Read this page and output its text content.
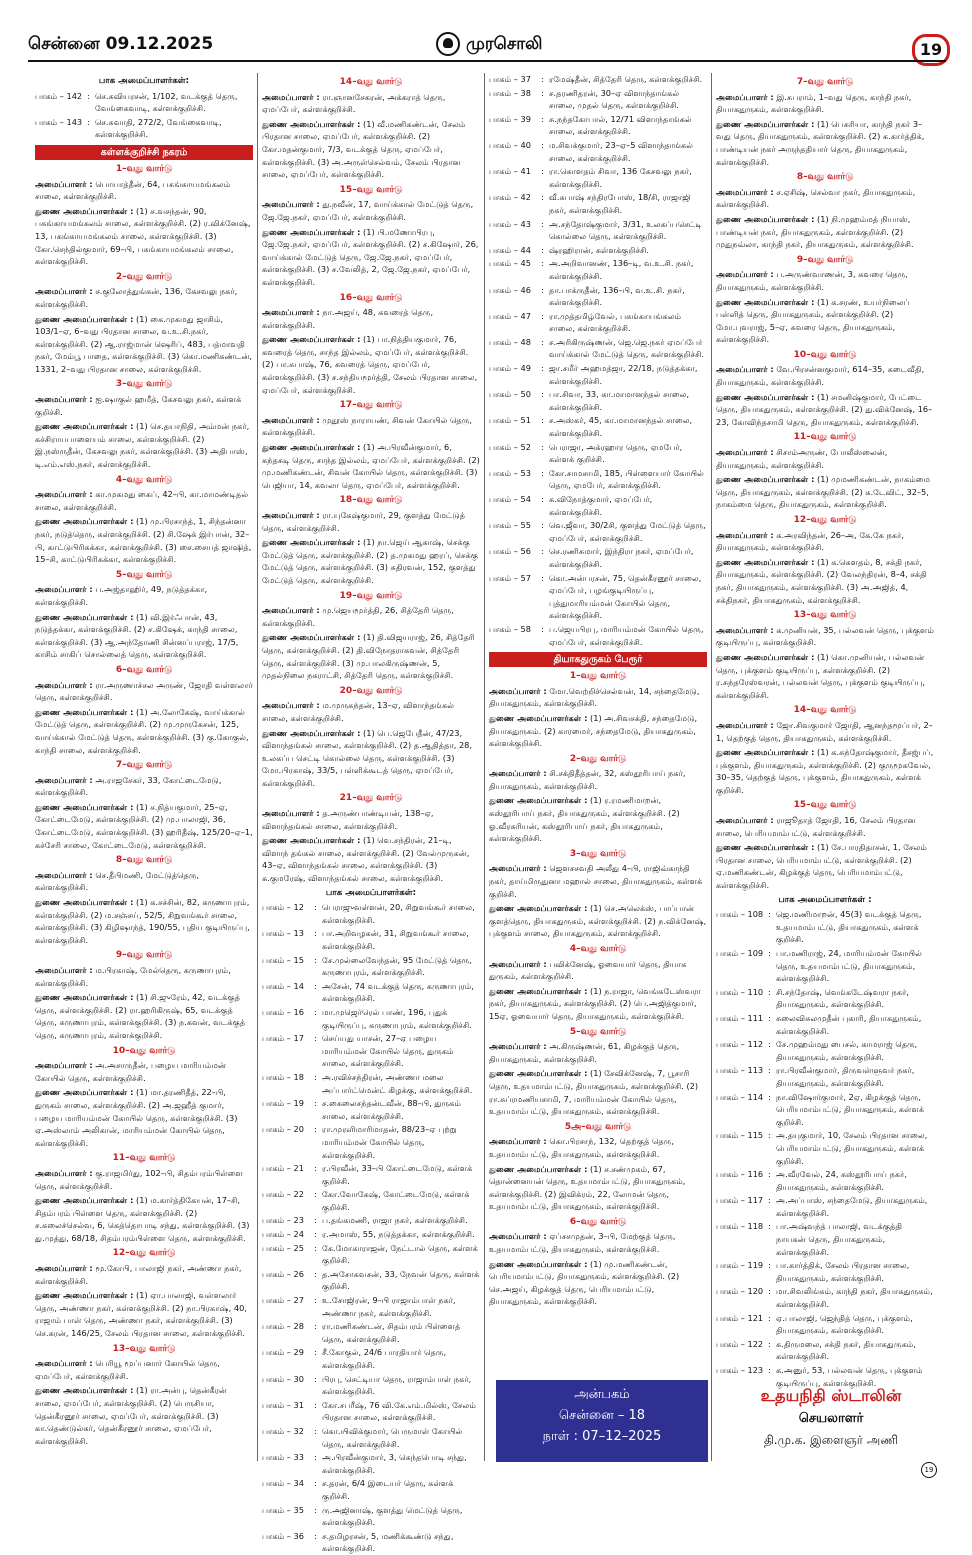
சென்னை 09.12.2025	முரசொலி	19
பாக அமைப்பாளர்கள்:
பாகம் – 142 : செ.கவியரசன், 1/102, வடக்குத் தெரு, வேங்கைவாடி, கள்ளக்குறிச்சி.
பாகம் – 143 : செ.சுவாதி, 272/2, வேங்கைவாடி, கள்ளக்குறிச்சி.
கள்ளக்குறிச்சி நகரம்
1–வது வார்டு
அமைப்பாளர் : பொயாத்தீன், 64, பசுங்காயமங்கலம் சாலை, கள்ளக்குறிச்சி.
துணை அமைப்பாளர்கள் : (1) ச.வசந்தன், 90, பசுங்காயமங்கலம் சாலை, கள்ளக்குறிச்சி. (2) ர.விக்னேஷ், 13, பசுங்காயமங்கலம் சாலை, கள்ளக்குறிச்சி. (3) கோ.செந்தில்குமார், 69–பி, பசுங்காயமங்கலம் சாலை, கள்ளக்குறிச்சி.
2–வது வார்டு
அமைப்பாளர் : ச.குலோத்துங்கன், 136, கேசவலு நகர், கள்ளக்குறிச்சி.
துணை அமைப்பாளர்கள் : (1) கை.முகமது ஜாசிம், 103/1–ஏ, 6–வது பிரதான சாலை, வ.உ.சி.நகர், கள்ளக்குறிச்சி. (2) ஆ.ராஜ்மான் ஷெரிப், 483, பத்மாவதி நகர், மேம்பூ பாதை, கள்ளக்குறிச்சி. (3) கொ.மணிகண்டன், 1331, 2–வது பிரதான சாலை, கள்ளக்குறிச்சி.
3–வது வார்டு
அமைப்பாளர் : ஐ.ஷாகுல் ஹமீத், கேசவலு நகர், கள்ளக் குறிச்சி.
துணை அமைப்பாளர்கள் : (1) செ.தயாநிதி, அம்மன் நகர், கச்சிராயபாளையம் சாலை, கள்ளக்குறிச்சி. (2) இ.நஸ்ருதீன், கேசவலு நகர், கள்ளக்குறிச்சி. (3) அதிபாஸ், டி.எம்.எஸ்.நகர், கள்ளக்குறிச்சி.
4–வது வார்டு
அமைப்பாளர் : கா.முகமது கைப், 42–பி, கா.மாமண்டிதல் சாலை, கள்ளக்குறிச்சி.
துணை அமைப்பாளர்கள் : (1) மு.பிரசாந்த், 1, சிந்தன்னா நகர், நடுத்தெரு, கள்ளக்குறிச்சி. (2) சி.ஷேக் இர்பான், 32–பி, காட்டுபிரிகக்கா, கள்ளக்குறிச்சி. (3) சை.சையத் ஜாஷித், 15–சி, காட்டுபிரிகக்கா, கள்ளக்குறிச்சி.
5–வது வார்டு
அமைப்பாளர் : ப.அஜ்தாஹிர், 49, நடுத்தக்கா, கள்ளக்குறிச்சி.
துணை அமைப்பாளர்கள் : (1) வி.இர்ஃபான், 43, நடுத்தக்கா, கள்ளக்குறிச்சி. (2) ச.கிஷேக், காந்தி சாலை, கள்ளக்குறிச்சி. (3) ஆ.அந்தோணி சின்னப்பராஜ், 17/5, காசிம் சாகிப் சொல்லைத் தெரு, கள்ளக்குறிச்சி.
6–வது வார்டு
அமைப்பாளர் : ரா.அருணாச்சல அருண், ஜோதி வள்ளலார் தெரு, கள்ளக்குறிச்சி.
துணை அமைப்பாளர்கள் : (1) அ.லோகேஷ், வாய்க்கால் மேட்டுத் தெரு, கள்ளக்குறிச்சி. (2) மு.முருகேசன், 125, வாய்க்கால் மேட்டுத் தெரு, கள்ளக்குறிச்சி. (3) கு.கோகுல், காந்தி சாலை, கள்ளக்குறிச்சி.
7–வது வார்டு
அமைப்பாளர் : அ.ராஜசேகர், 33, கோட்டைமேடு, கள்ளக்குறிச்சி.
துணை அமைப்பாளர்கள் : (1) ச.நித்யகுமார், 25–ஏ, கோட்டைமேடு, கள்ளக்குறிச்சி. (2) மு.பாலாஜி, 36, கோட்டைமேடு, கள்ளக்குறிச்சி. (3) ஹரிதீஷ், 125/20–ஏ–1, கச்சேரி சாலை, கோட்டைமேடு, கள்ளக்குறிச்சி.
8–வது வார்டு
அமைப்பாளர் : செ.தீபிமணி, மேட்டுத்தெரு, கள்ளக்குறிச்சி.
துணை அமைப்பாளர்கள் : (1) க.சச்சின், 82, கருணாபுரம், கள்ளக்குறிச்சி. (2) ம.சஞ்சய், 52/5, சிறுவங்கூர் சாலை, கள்ளக்குறிச்சி. (3) கிழிஷாந்த், 190/55, புதிய குடியிருப்பு, கள்ளக்குறிச்சி.
9–வது வார்டு
அமைப்பாளர் : ம.பிரகாஷ், மேல்தெரு, கருணாபுரம், கள்ளக்குறிச்சி.
துணை அமைப்பாளர்கள் : (1) சி.ஜுரேம், 42, வடக்குத் தெரு, கள்ளக்குறிச்சி. (2) ரா.ஹரிகிருஷ், 65, வடக்குத் தெரு, கருணாபுரம், கள்ளக்குறிச்சி. (3) ந.கவன், வடக்குத் தெரு, கருணாபுரம், கள்ளக்குறிச்சி.
10–வது வார்டு
அமைப்பாளர் : அ.அசாருதீன், பழைய மாரியம்மன் கோயில் தெரு, கள்ளக்குறிச்சி.
துணை அமைப்பாளர்கள் : (1) மா.தரணிதீத், 22–பி, துருகம் சாலை, கள்ளக்குறிச்சி. (2) அ.ஜஹீத் குமார், பழைய மாரியம்மன் கோயில் தெரு, கள்ளக்குறிச்சி. (3) ஏ.அஸ்லாம் அலிகான், மாரியம்மன் கோயில் தெரு, கள்ளக்குறிச்சி.
11–வது வார்டு
அமைப்பாளர் : கு.ராஜமிர்து, 102–பி, சிதம்பரம்பிள்ளை தெரு, கள்ளக்குறிச்சி.
துணை அமைப்பாளர்கள் : (1) ம.கார்த்திகேயன், 17–சி, சிதம்பரம் பிள்ளை தெரு, கள்ளக்குறிச்சி. (2) ச.கலைச்செல்வ, 6, கெத்தொபாடி சந்து, கள்ளக்குறிச்சி. (3) து.முத்து, 68/18, சிதம்பரம்பிள்ளை தெரு, கள்ளக்குறிச்சி.
12–வது வார்டு
அமைப்பாளர் : மூ.கோபி, பாலாஜி நகர், அண்ணா நகர், கள்ளக்குறிச்சி.
துணை அமைப்பாளர்கள் : (1) ஏா.பாலாஜி, வள்ளலார் தெரு, அண்ணா நகர், கள்ளக்குறிச்சி. (2) நா.பிரகாஷ், 40, ராஜாம் பாள் தெரு, அண்ணா நகர், கள்ளக்குறிச்சி. (3) செ.கரன், 146/25, சேலம் பிரதான சாலை, கள்ளக்குறிச்சி.
13–வது வார்டு
அமைப்பாளர் : பெரியூ மூப்பனார் கோயில் தெரு, ஏமப்பேர், கள்ளக்குறிச்சி.
துணை அமைப்பாளர்கள் : (1) ரா.அன்பு, தென்கீரன் சாலை, ஏமப்பேர், கள்ளக்குறிச்சி. (2) பெருசியா, தென்கீரனூர் சாலை, ஏமப்பேர், கள்ளக்குறிச்சி. (3) கா.தெண்டுல்கர், தென்கீரனூர் சாலை, ஏமப்பேர், கள்ளக்குறிச்சி.
14–வது வார்டு
அமைப்பாளர் : ரா.ஞானசேகரன், அக்கராத் தெரு, ஏமப்பேர், கள்ளக்குறிச்சி.
துணை அமைப்பாளர்கள் : (1) வீ.மணிகண்டன், சேலம் பிரதான சாலை, ஏமப்பேர், கள்ளக்குறிச்சி. (2) கோ.மதன்குமார், 7/3, வடக்குத் தெரு, ஏமப்பேர், கள்ளக்குறிச்சி. (3) அ.அருள்செல்வம், சேலம் பிரதான சாலை, ஏமப்பேர், கள்ளக்குறிச்சி.
15–வது வார்டு
அமைப்பாளர் : து.நவீன், 17, வாய்க்கால் மேட்டுத் தெரு, ஜே.ஜே.நகர், ஏமப்பேர், கள்ளக்குறிச்சி.
துணை அமைப்பாளர்கள் : (1) பி.மணோபிரபு, ஜே.ஜே.நகர், ஏமப்பேர், கள்ளக்குறிச்சி. (2) ச.கிஷோர், 26, வாய்க்கால் மேட்டுத் தெரு, ஜே.ஜே.நகர், ஏமப்பேர், கள்ளக்குறிச்சி. (3) ச.வேலித், 2, ஜே.ஜே.நகர், ஏமப்பேர், கள்ளக்குறிச்சி.
16–வது வார்டு
அமைப்பாளர் : நா.அஜய், 48, கவரைத் தெரு, கள்ளக்குறிச்சி.
துணை அமைப்பாளர்கள் : (1) பா.நித்தியகுமார், 76, கவரைத் தெரு, சாந்த இல்லம், ஏமப்பேர், கள்ளக்குறிச்சி. (2) பா.சுபாஷ், 76, கவரைத் தெரு, ஏமப்பேர், கள்ளக்குறிச்சி. (3) ச.சந்தியமூர்த்தி, சேலம் பிரதான சாலை, ஏமப்பேர், கள்ளக்குறிச்சி.
17–வது வார்டு
அமைப்பாளர் : முதூஸ் நாராயண், சிவன் கோயில் தெரு, கள்ளக்குறிச்சி.
துணை அமைப்பாளர்கள் : (1) அ.பிரவீன்குமார், 6, கந்தசுடி தெரு, சாந்த இல்லம், ஏமப்பேர், கள்ளக்குறிச்சி. (2) மு.மணிகண்டன், சிவன் கோயில் தெரு, கள்ளக்குறிச்சி. (3) பெஜியா, 14, கவலா தெரு, ஏமப்பேர், கள்ளக்குறிச்சி.
18–வது வார்டு
அமைப்பாளர் : ரா.யுகேஷ்குமார், 29, குளத்து மேட்டுத் தெரு, கள்ளக்குறிச்சி.
துணை அமைப்பாளர்கள் : (1) நா.ஜெய் ஆகாஷ், செக்கு மேட்டுத் தெரு, கள்ளக்குறிச்சி. (2) த.முகமது ஹரப், செக்கு மேட்டுத் தெரு, கள்ளக்குறிச்சி. (3) சுதிரவன், 152, குளத்து மேட்டுத் தெரு, கள்ளக்குறிச்சி.
19–வது வார்டு
அமைப்பாளர் : மு.ஜெயமூர்த்தி, 26, சித்தேரி தெரு, கள்ளக்குறிச்சி.
துணை அமைப்பாளர்கள் : (1) தி.விஜயராஜ், 26, சித்தேரி தெரு, கள்ளக்குறிச்சி. (2) தி.விநோதராகவன், சித்தேரி தெரு, கள்ளக்குறிச்சி. (3) மு.பாலகிருஷ்ணன், 5, முதல்நிலை நகராட்சி, சித்தேரி தெரு, கள்ளக்குறிச்சி.
20–வது வார்டு
அமைப்பாளர் : ம.முருகந்தன், 13–ஏ, விளாந்தங்கல் சாலை, கள்ளக்குறிச்சி.
துணை அமைப்பாளர்கள் : (1) பெ.ஜெபேதீன், 47/23, விளாந்தங்கல் சாலை, கள்ளக்குறிச்சி. (2) த.ஆதித்தா, 28, உலகப்ப செட்டி கொல்லை தெரு, கள்ளக்குறிச்சி. (3) மோ.பிரகாஷ், 33/5, பள்ளிக்கூடத் தெரு, ஏமப்பேர், கள்ளக்குறிச்சி.
21–வது வார்டு
அமைப்பாளர் : த.அருண்பாண்டியன், 138–ஏ, விளாந்தங்கல் சாலை, கள்ளக்குறிச்சி.
துணை அமைப்பாளர்கள் : (1) வெ.சந்திரன், 21–டி, விளாந் தங்கல் சாலை, கள்ளக்குறிச்சி. (2) வேல்முருகன், 43–ஏ, விளாந்தங்கல் சாலை, கள்ளக்குறிச்சி. (3) க.குமரேஷ், விளாந்தங்கல் சாலை, கள்ளக்குறிச்சி.
பாக அமைப்பாளர்கள்:
பாகம் – 12	: பெராஜுவள்ளன், 20, சிறுவங்கூர் சாலை, கள்ளக்குறிச்சி.
பாகம் – 13	: பா.அறிவழகன், 31, சிறுவங்கூர் சாலை, கள்ளக்குறிச்சி.
பாகம் – 15	: சே.முல்லைவேந்தன், 95 மேட்டுத் தெரு, கருணாபுரம், கள்ளக்குறிச்சி.
பாகம் – 14	: அசேன், 74 வடக்குத் தெரு, கருணாபுரம், கள்ளக்குறிச்சி.
பாகம் – 16	: மா.முஜெர்ரெல் பாண், 196, புதுக் குடியிருப்பு, கருணாபுரம், கள்ளக்குறிச்சி.
பாகம் – 17	: செய்யது யாசன், 27–ஏ பழைய மாரியம்மன் கோயில் தெரு, துருகம் சாலை, கள்ளக்குறிச்சி.
பாகம் – 18	: அ.ரவிச்சந்திரன், அண்ணா மலை அப்பார்ட்மென்ட் கிழக்கு, கள்ளக்குறிச்சி.
பாகம் – 19	: ச.கைலைசந்தன்டவீன், 88–பி, துருகம் சாலை, கள்ளக்குறிச்சி.
பாகம் – 20	: ரா.முரளிமாரிமாதன், 88/23–ஏ புற்று மாரியம்மன் கோயில் தெரு, கள்ளக்குறிச்சி.
பாகம் – 21	: ர.பிரவீன், 33–பி கோட்டைமேடு, கள்ளக் குறிச்சி.
பாகம் – 22	: கோ.வோகேஷ், கோட்டைமேடு, கள்ளக் குறிச்சி.
பாகம் – 23	: ப.தங்கமணி, ராஜா நகர், கள்ளக்குறிச்சி.
பாகம் – 24	: ர.அமாஸ், 55, நடுத்தக்கா, கள்ளக்குறிச்சி.
பாகம் – 25	: கே.மோகாராஜன், நேட்டால் தெரு, கள்ளக் குறிச்சி.
பாகம் – 26	: த.அசோகவசன், 33, நேவன் தெரு, கள்ளக் குறிச்சி.
பாகம் – 27	: உ.சோஜிரன், 9–பி ராஜாம்பாள் நகர், அண்ணா நகர், கள்ளக்குறிச்சி.
பாகம் – 28	: ரா.மணிகண்டன், சிதம்பரம் பிள்ளைத் தெரு, கள்ளக்குறிச்சி.
பாகம் – 29	: சீ.கோகுல், 24/6 பாரதியார் தெரு, கள்ளக்குறிச்சி.
பாகம் – 30	: பிரபு, செட்டியா தெரு, ராஜாம்பாள் நகர், கள்ளக்குறிச்சி.
பாகம் – 31	: கோ.சபரீஷ், 76 வி.கே.எம்.மில்ஸ், சேலம் பிரதான சாலை, கள்ளக்குறிச்சி.
பாகம் – 32	: கொ.யிவிக்குமார், பெருமாள் கோயில் தெரு, கள்ளக்குறிச்சி.
பாகம் – 33	: அ.பிரவீன்குமார், 3, கெந்தபொடி சந்து, கள்ளக்குறிச்சி.
பாகம் – 34	: ச.தரன், 6/4 இடையர் தெரு, கள்ளக் குறிச்சி.
பாகம் – 35	: ரு.அஜினாஷ், குளத்து மெட்டுத் தெரு, கள்ளக்குறிச்சி.
பாகம் – 36	: ச.தமிழரசன், 5, மணிக்கூண்டு சந்து, கள்ளக்குறிச்சி.
பாகம் – 37	: ரமேஷ்தீன், சித்தேரி தெரு, கள்ளக்குறிச்சி.
பாகம் – 38	: ச.தரணிதரன், 30–ஏ விளாந்தாங்கல் சாலை, முதல் தெரு, கள்ளக்குறிச்சி.
பாகம் – 39	: சு.நந்தகோபால், 12/71 விளாந்தாங்கல் சாலை, கள்ளக்குறிச்சி.
பாகம் – 40	: ம.சிவக்குமார், 23–ஏ–5 விளாந்தாங்கல் சாலை, கள்ளக்குறிச்சி.
பாகம் – 41	: ரா.கொளதம் சிவா, 136 கேசவலு நகர், கள்ளக்குறிச்சி.
பாகம் – 42	: வீ.சுபாஷ் சந்திரபோஸ், 18/சி, ராஜாஜி நகர், கள்ளக்குறிச்சி.
பாகம் – 43	: அ.சந்தோஷ்குமார், 3/31, உலகப்பசெட்டி கொல்லை தெரு, கள்ளக்குறிச்சி.
பாகம் – 44	: ஷ்ரஹிரான், கள்ளக்குறிச்சி.
பாகம் – 45	: அ.அறிவானண், 136–டி, வ.உ.சி. நகர், கள்ளக்குறிச்சி.
பாகம் – 46	: தா.பாக்ருதீன், 136–பி, வ.உ.சி. நகர், கள்ளக்குறிச்சி.
பாகம் – 47	: ரா.முத்தமிழ்வேல், பசுங்காயங்கலம் சாலை, கள்ளக்குறிச்சி.
பாகம் – 48	: ச.அரிகிருஷ்ணன், ஜெ.ஜெ.நகர் ஏமப்பேர் வாய்க்கால் மேட்டுத் தெரு, கள்ளக்குறிச்சி.
பாகம் – 49	: ஜா.சமீர் அஹமத்ஜா, 22/18, நடுத்தக்கா, கள்ளக்குறிச்சி.
பாகம் – 50	: பா.சிவா, 33, கா.மாமானந்தல் சாலை, கள்ளக்குறிச்சி.
பாகம் – 51	: ச.அஸ்கர், 45, கா.மாமானந்தல் சாலை, கள்ளக்குறிச்சி.
பாகம் – 52	: பெராஜா, அக்ரஹார தெரு, ஏமபேர், கள்ளக் குறிச்சி.
பாகம் – 53	: கோ.சாமசாமி, 185, பிள்ளையார் கோயில் தெரு, ஏமபேர், கள்ளக்குறிச்சி.
பாகம் – 54	: க.விநோத்குமார், ஏமப்பேர், கள்ளக்குறிச்சி.
பாகம் – 55	: வெ.ஜீவா, 30/2சி, குளத்து மேட்டுத் தெரு, ஏமப்பேர், கள்ளக்குறிச்சி.
பாகம் – 56	: செ.ரணிசுமார், இந்திரா நகர், ஏமப்பேர், கள்ளக்குறிச்சி.
பாகம் – 57	: கொ.அன்பரசன், 75, தென்கீரனூர் சாலை, ஏமப்பேர், பழங்குடியிருப்பு, புத்துமாரியம்மன் கோயில் தெரு, கள்ளக்குறிச்சி.
பாகம் – 58	: ப.ஜெயபிரபு, மாரியம்மன் கோயில் தெரு, ஏமப்பேர், கள்ளக்குறிச்சி.
தியாகதுருகம் பேரூர்
1–வது வார்டு
அமைப்பாளர் : மோ.வெற்றிச்செல்வன், 14, சந்தைமேடு, தியாகதுருகம், கள்ளக்குறிச்சி.
துணை அமைப்பாளர்கள் : (1) அ.சிவசக்தி, சந்தைமேடு, தியாகதுருகம். (2) காரமைர், சந்தைமேடு, தியாகதுருகம், கள்ளக்குறிச்சி.
2–வது வார்டு
அமைப்பாளர் : சி.சக்திதீத்தன், 32, கஸ்தூரிபாய் நகர், தியாகதுருகம், கள்ளக்குறிச்சி.
துணை அமைப்பாளர்கள் : (1) ர.ரமணிமாறன், கஸ்தூரிபாய் நகர், தியாகதுருகம், கள்ளக்குறிச்சி. (2) ஓ.வீரசுரியன், கஸ்தூரிபாய் நகர், தியாகதுருகம், கள்ளக்குறிச்சி.
3–வது வார்டு
அமைப்பாளர் : ஜெளசசவதி அலீது 4–பி, ராஜிவ்காந்தி நகர், தாய்மிருதுனா மஹால் சாலை, தியாகதுருகம், கள்ளக் குறிச்சி.
துணை அமைப்பாளர்கள் : (1) செ.அலெக்ஸ், பாப்பான் குளத்தெரு, தியாகதுருகம், கள்ளக்குறிச்சி. (2) ந.விக்னேஷ், புக்குளம் சாலை, தியாகதுருகம், கள்ளக்குறிச்சி.
4–வது வார்டு
அமைப்பாளர் : பவிக்னேஷ், ஓவையார் தெரு, தியாக துருகம், கள்ளக்குறிச்சி.
துணை அமைப்பாளர்கள் : (1) ந.ராஜா, வெங்கடேஸ்வரா நகர், தியாகதுருகம், கள்ளக்குறிச்சி. (2) பெ.அஜித்குமார், 15ஏ, ஓவையார் தெரு, தியாகதுருகம், கள்ளக்குறிச்சி.
5–வது வார்டு
அமைப்பாளர் : அ.கிருஷ்ணன், 61, கிழக்குத் தெரு, தியாகதுருகம், கள்ளக்குறிச்சி.
துணை அமைப்பாளர்கள் : (1) சேவிக்னேஷ், 7, பூசாரி தெரு, உதயமாம்பட்டு, தியாகதுருகம், கள்ளக்குறிச்சி. (2) ரா.சுப்ரமணியசாமி, 7, மாரியம்மன் கோயில் தெரு, உதயமாம்பட்டு, தியாகதுருகம், கள்ளக்குறிச்சி.
5அ–வது வார்டு
அமைப்பாளர் : கொ.பிரசாந், 132, தெற்குத் தெரு, உதயமாம்பட்டு, தியாகதுருகம், கள்ளக்குறிச்சி.
துணை அமைப்பாளர்கள் : (1) ச.சண்முகம், 67, தொன்னையன் தெரு, உதயமாம்பட்டு, தியாகதுருகம், கள்ளக்குறிச்சி. (2) இவிக்ரம், 22, லோமன் தெரு, உதயமாம்பட்டு, தியாகதுருகம், கள்ளக்குறிச்சி.
6–வது வார்டு
அமைப்பாளர் : ஏப்சசமுதன், 3–பி, மேற்குத் தெரு, உதயமாம்பட்டு, தியாகதுருகம், கள்ளக்குறிச்சி.
துணை அமைப்பாளர்கள் : (1) மு.மணிகண்டன், பெரியமாம்பட்டு, தியாகதுருகம், கள்ளக்குறிச்சி. (2) செ.அஜய், கிழக்குத் தெரு, பெரியமாம்பட்டு, தியாகதுருகம், கள்ளக்குறிச்சி.
7–வது வார்டு
அமைப்பாளர் : இ.சுபராம், 1–வது தெரு, காந்தி நகர், தியாகதுருகம், கள்ளக்குறிச்சி.
துணை அமைப்பாளர்கள் : (1) பெசுரியா, காந்தி நகர் 3–வது தெரு, தியாகதுருகம், கள்ளக்குறிச்சி. (2) க.கார்த்திக், பாண்டியன் நகர் அருந்ததியார் தெரு, தியாகதுருகம், கள்ளக்குறிச்சி.
8–வது வார்டு
அமைப்பாளர் : ச.ஏசிஷ், செல்வா நகர், தியாகதுருகம், கள்ளக்குறிச்சி.
துணை அமைப்பாளர்கள் : (1) நி.முஹம்மத் நியாஸ், பாண்டியன் நகர், தியாகதுருகம், கள்ளக்குறிச்சி. (2) முதுநவ்லா, காந்தி நகர், தியாகதுருகம், கள்ளக்குறிச்சி.
9–வது வார்டு
அமைப்பாளர் : ப.அருண்வாணன், 3, சுவரை தெரு, தியாகதுருகம், கள்ளக்குறிச்சி.
துணை அமைப்பாளர்கள் : (1) க.சரண், உயர்நிலைப் பள்ளித் தெரு, தியாகதுருகம், கள்ளக்குறிச்சி. (2) மோ.புவராஜ், 5–ஏ, சுவரை தெரு, தியாகதுருகம், கள்ளக்குறிச்சி.
10–வது வார்டு
அமைப்பாளர் : வே.பிரசன்னகுமார், 614–35, கடைவீதி, தியாகதுருகம், கள்ளக்குறிச்சி.
துணை அமைப்பாளர்கள் : (1) சமனிஷ்குமார், பேட்டை தெரு, தியாகதுருகம், கள்ளக்குறிச்சி. (2) து.விக்னேஷ், 16–23, கோவிந்தசாமி தெரு, தியாகதுருகம், கள்ளக்குறிச்சி.
11–வது வார்டு
அமைப்பாளர் : சிசாம்அருண், போலீஸ்லைன், தியாகதுருகம், கள்ளக்குறிச்சி.
துணை அமைப்பாளர்கள் : (1) முமணிகண்டன், நாகம்மை தெரு, தியாகதுருகம், கள்ளக்குறிச்சி. (2) க.டேவிட், 32–5, நாகம்மை தெரு, தியாகதுருகம், கள்ளக்குறிச்சி.
12–வது வார்டு
அமைப்பாளர் : க.அரவிந்தன், 26–அ, கே.கே நகர், தியாகதுருகம், கள்ளக்குறிச்சி.
துணை அமைப்பாளர்கள் : (1) க.கௌதம், 8, சக்தி நகர், தியாகதுருகம், கள்ளக்குறிச்சி. (2) வேலந்திரன், 8–4, சக்தி நகர், தியாகதுருகம், கள்ளக்குறிச்சி. (3) அ.அஜித், 4, சக்திநகர், தியாகதுருகம், கள்ளக்குறிச்சி.
13–வது வார்டு
அமைப்பாளர் : க.முனியன், 35, பல்லவன் தெரு, புக்குளம் குடியிருப்பு, கள்ளக்குறிச்சி.
துணை அமைப்பாளர்கள் : (1) கொ.முனியன், பல்லவன் தெரு, புக்குளம் குடியிருப்பு, கள்ளக்குறிச்சி. (2) ர.சுந்தரேஸ்வரன், பல்லவன் தெரு, புக்குளம் குடியிருப்பு, கள்ளக்குறிச்சி.
14–வது வார்டு
அமைப்பாளர் : ஜோ.சிவகுமார் ஜோதி, ஆனந்தமூப்பர், 2–1, தெற்குத் தெரு, தியாகதுருகம், கள்ளக்குறிச்சி.
துணை அமைப்பாளர்கள் : (1) க.சுந்தோஷ்குமார், தீசஜ்பப், புக்குளம், தியாகதுருகம், கள்ளக்குறிச்சி. (2) குருமூகவேல், 30–35, தெற்குத் தெரு, புக்குளம், தியாகதுருகம், கள்ளக் குறிச்சி.
15–வது வார்டு
அமைப்பாளர் : ராஜூதாத் ஜோதி, 16, சேலம் பிரதான சாலை, பெரியமாம்பட்டு, கள்ளக்குறிச்சி.
துணை அமைப்பாளர்கள் : (1) சே.பாரதிதாசன், 1, சேலம் பிரதான சாலை, பெரியமாம்பட்டு, கள்ளக்குறிச்சி. (2) ஏ.மணிகண்டன், கிழக்குத் தெரு, பெரியமாம்பட்டு, கள்ளக்குறிச்சி.
பாக அமைப்பாளர்கள் :
பாகம் – 108 : ஜெ.மணிமாறன், 45(3) வடக்குத் தெரு, உதயமாம்பட்டு, தியாகதுருகம், கள்ளக் குறிச்சி.
பாகம் – 109 : பா.மணிராஜ், 24, மாரியம்மன் கோயில் தெரு, உதயமாம்பட்டு, தியாகதுருகம், கள்ளக்குறிச்சி.
பாகம் – 110 : சி.சந்தோஷ், வெங்கடேஷ்வரா நகர், தியாகதுருகம், கள்ளக்குறிச்சி.
பாகம் – 111 : சுலைவிசுலமுதீன் புகாரி, தியாகதுருகம், கள்ளக்குறிச்சி.
பாகம் – 112 : சே.முஹம்மது பைசல், காமராஜ் தெரு, தியாகதுருகம், கள்ளக்குறிச்சி.
பாகம் – 113 : ரா.பிரவீன்குமார், திருவள்ளுவர் நகர், தியாகதுருகம், கள்ளக்குறிச்சி.
பாகம் – 114 : நா.விஷோர்குமார், 2ஏ, கிழக்குத் தெரு, பெரியமாம்பட்டு, தியாகதுருகம், கள்ளக் குறிச்சி.
பாகம் – 115 : அ.தயுகுமார், 10, சேலம் பிரதான சாலை, பெரியமாம்பட்டு, தியாகதுருகம், கள்ளக் குறிச்சி.
பாகம் – 116 : அ.வீரவேல், 24, கஸ்தூரிபாய் நகர், தியாகதுருகம், கள்ளக்குறிச்சி.
பாகம் – 117 : அ.அப்பாஸ், சந்தைமேடு, தியாகதுருகம், கள்ளக்குறிச்சி.
பாகம் – 118 : பா.அஷ்வந்த் பாலாஜி, வடக்குத்தி நாயகன் தெரு, தியாகதுருகம், கள்ளக்குறிச்சி.
பாகம் – 119 : பா.கார்த்திக், சேலம் பிரதான சாலை, தியாகதுருகம், கள்ளக்குறிச்சி.
பாகம் – 120 : மா.சிவலிங்கம், காந்தி நகர், தியாகதுருகம், கள்ளக்குறிச்சி.
பாகம் – 121 : ஏ.பாலாஜி, ஜெந்தித் தெரு, புக்குளம், தியாகதுருகம், கள்ளக்குறிச்சி.
பாகம் – 122 : க.திருமலை, சக்தி நகர், தியாகதுருகம், கள்ளக்குறிச்சி.
பாகம் – 123 : க.அனுர், 53, பல்லவன் தெரு, புக்குளம் குடியிருப்பு, கள்ளக்குறிச்சி.
அன்பகம்
சென்னை – 18
நாள் : 07–12–2025
உதயநிதி ஸ்டாலின்
செயலாளர்
தி.மு.க. இளைஞர் அணி
19
